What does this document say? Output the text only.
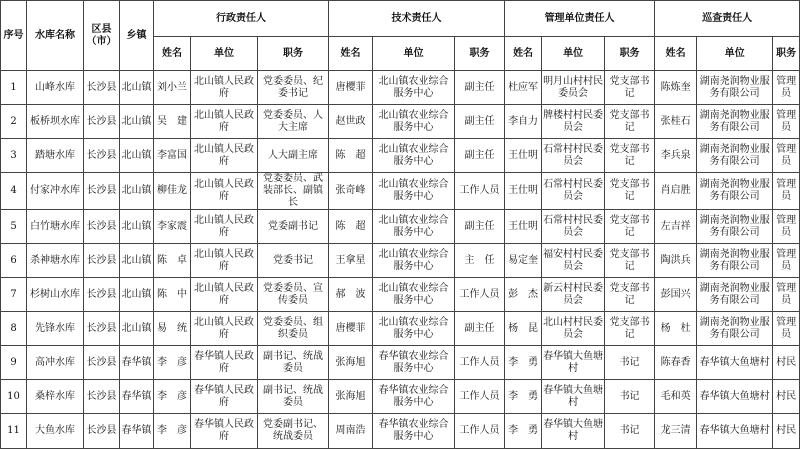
序号	水库名称	区县（市）	乡镇	行政责任人			技术责任人			管理单位责任人			巡查责任人		
				姓名	单位	职务	姓名	单位	职务	姓名	单位	职务	姓名	单位	职务
1	山峰水库	长沙县	北山镇	刘小兰	北山镇人民政府	党委委员、纪委书记	唐樱菲	北山镇农业综合服务中心	副主任	杜应军	明月山村村民委员会	党支部书记	陈炼奎	湖南尧润物业服务有限公司	管理员
2	板桥坝水库	长沙县	北山镇	吴　建	北山镇人民政府	党委委员、人大主席	赵世政	北山镇农业综合服务中心	副主任	李自力	牌楼村村民委员会	党支部书记	张桂石	湖南尧润物业服务有限公司	管理员
3	踏塘水库	长沙县	北山镇	李富国	北山镇人民政府	人大副主席	陈　超	北山镇农业综合服务中心	副主任	王仕明	石常村村民委员会	党支部书记	李兵泉	湖南尧润物业服务有限公司	管理员
4	付家冲水库	长沙县	北山镇	柳佳龙	北山镇人民政府	党委委员、武装部长、副镇长	张奇峰	北山镇农业综合服务中心	工作人员	王仕明	石常村村民委员会	党支部书记	肖启胜	湖南尧润物业服务有限公司	管理员
5	白竹塘水库	长沙县	北山镇	李家震	北山镇人民政府	党委副书记	陈　超	北山镇农业综合服务中心	副主任	王仕明	石常村村民委员会	党支部书记	左吉祥	湖南尧润物业服务有限公司	管理员
6	杀神塘水库	长沙县	北山镇	陈　卓	北山镇人民政府	党委书记	王拿星	北山镇农业综合服务中心	主　任	易定奎	福安村村民委员会	党支部书记	陶洪兵	湖南尧润物业服务有限公司	管理员
7	杉树山水库	长沙县	北山镇	陈　中	北山镇人民政府	党委委员、宣传委员	郝　波	北山镇农业综合服务中心	工作人员	彭　杰	新云村村民委员会	党支部书记	彭国兴	湖南尧润物业服务有限公司	管理员
8	先锋水库	长沙县	北山镇	易　统	北山镇人民政府	党委委员、组织委员	唐樱菲	北山镇农业综合服务中心	副主任	杨　昆	北山村村民委员会	党支部书记	杨　杜	湖南尧润物业服务有限公司	管理员
9	高冲水库	长沙县	春华镇	李　彦	春华镇人民政府	副书记、统战委员	张海旭	春华镇农业综合服务中心	工作人员	李　勇	春华镇大鱼塘村	书记	陈春香	春华镇大鱼塘村	村民
10	桑梓水库	长沙县	春华镇	李　彦	春华镇人民政府	副书记、统战委员	张海旭	春华镇农业综合服务中心	工作人员	李　勇	春华镇大鱼塘村	书记	毛和英	春华镇大鱼塘村	村民
11	大鱼水库	长沙县	春华镇	李　彦	春华镇人民政府	党委副书记、统战委员	周南浩	春华镇农业综合服务中心	工作人员	李　勇	春华镇大鱼塘村	书记	龙三清	春华镇大鱼塘村	村民
